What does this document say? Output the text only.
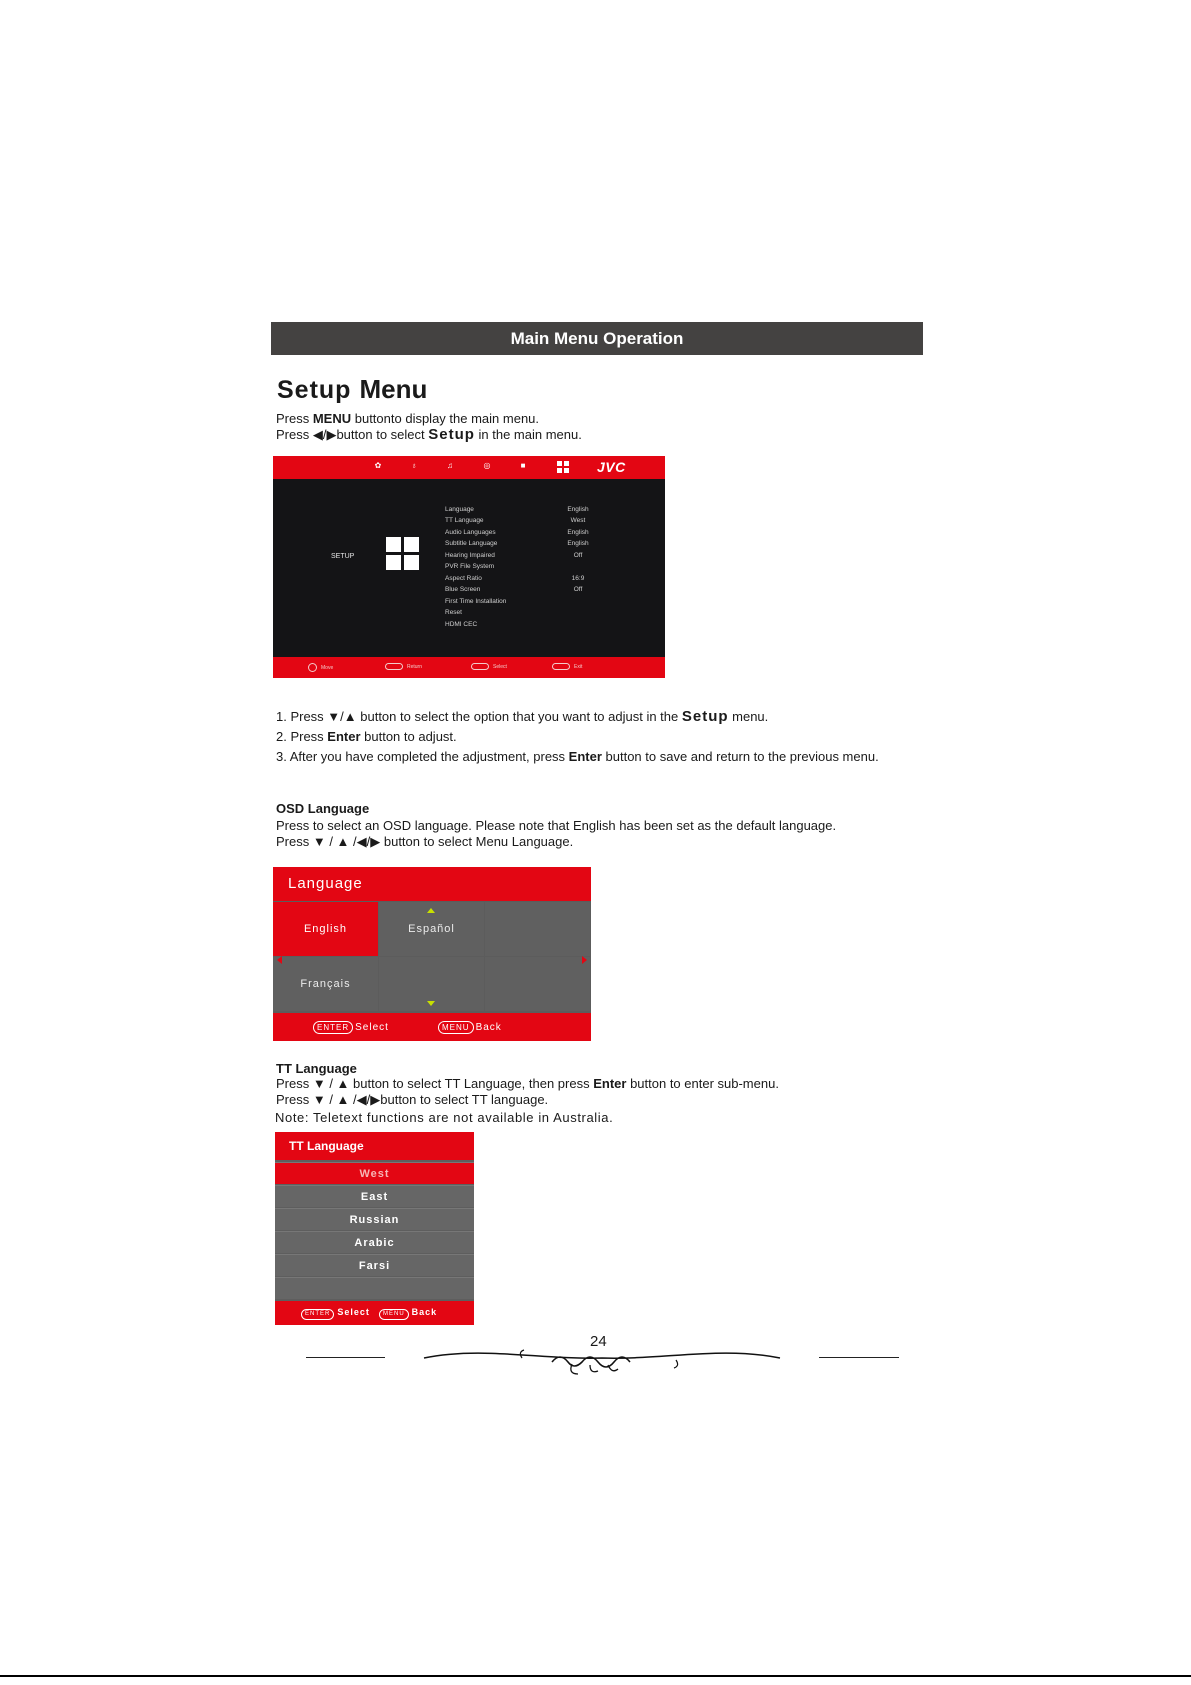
Main Menu Operation
Setup Menu
Press MENU buttonto display the main menu.
Press ◀/▶button to select Setup in the main menu.
✿	♁	♫	◎	■	JVC
SETUP
Language	English
TT Language	West
Audio Languages	English
Subtitle Language	English
Hearing Impaired	Off
PVR File System
Aspect Ratio	16:9
Blue Screen	Off
First Time Installation
Reset
HDMI CEC
Move	Return	Select	Exit
1. Press ▼/▲ button to select the option that you want to adjust in the Setup menu.
2. Press Enter button to adjust.
3. After you have completed the adjustment, press Enter button to save and return to the previous menu.
OSD Language
Press to select an OSD language. Please note that English has been set as the default language.
Press ▼ / ▲ /◀/▶ button to select Menu Language.
Language
English	Español
Français
ENTER Select	MENU Back
TT Language
Press ▼ / ▲ button to select TT Language, then press Enter button to enter sub-menu.
Press ▼ / ▲ /◀/▶button to select TT language.
Note: Teletext functions are not available in Australia.
TT Language
West
East
Russian
Arabic
Farsi
ENTER Select	MENU Back
24
